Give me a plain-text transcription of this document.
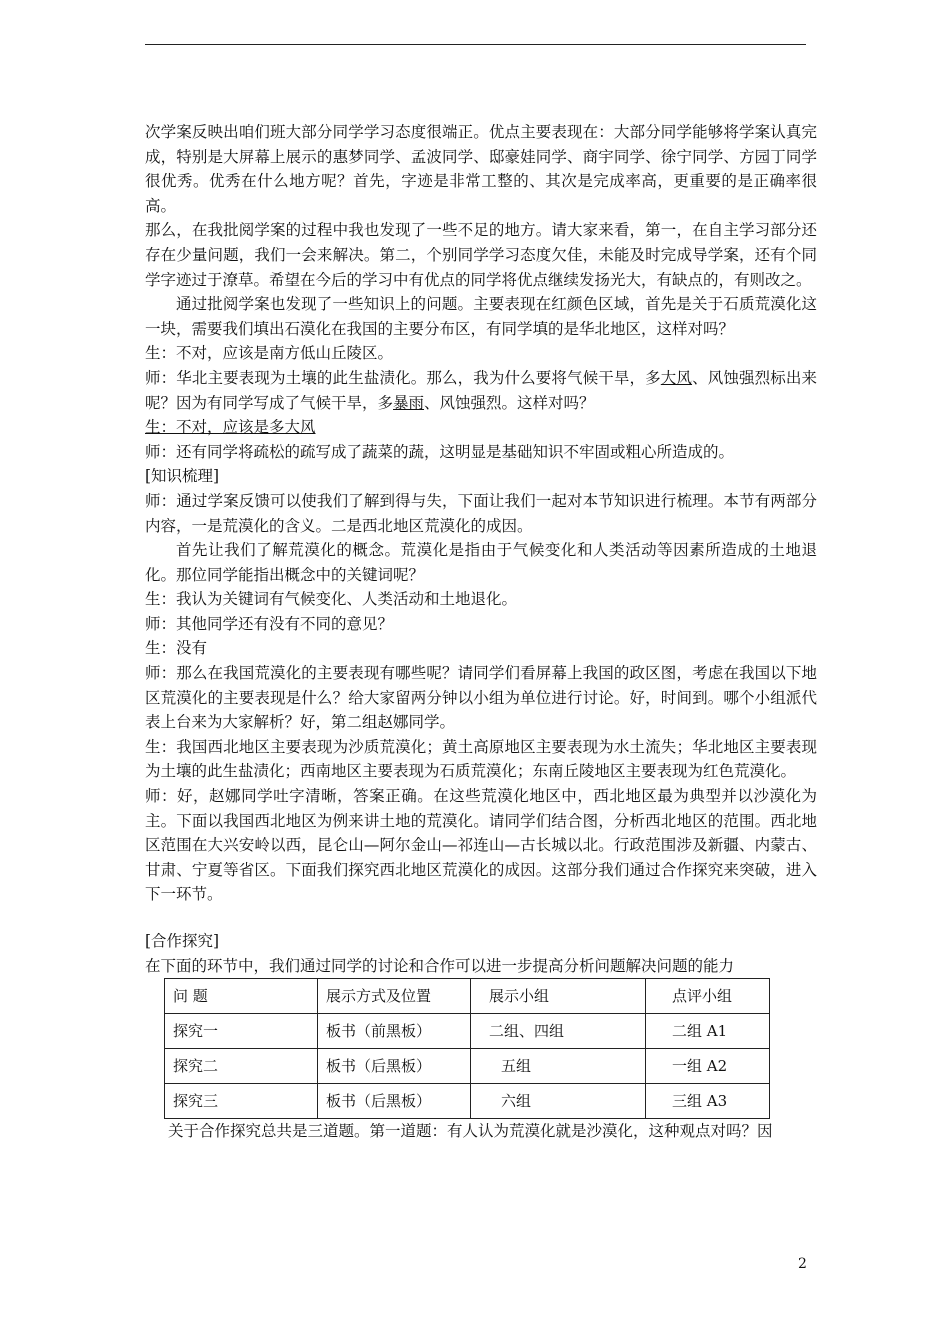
次学案反映出咱们班大部分同学学习态度很端正。优点主要表现在：大部分同学能够将学案认真完成，特别是大屏幕上展示的惠梦同学、孟波同学、邸豪娃同学、商宇同学、徐宁同学、方园丁同学很优秀。优秀在什么地方呢？首先，字迹是非常工整的、其次是完成率高，更重要的是正确率很高。

那么，在我批阅学案的过程中我也发现了一些不足的地方。请大家来看，第一，在自主学习部分还存在少量问题，我们一会来解决。第二，个别同学学习态度欠佳，未能及时完成导学案，还有个同学字迹过于潦草。希望在今后的学习中有优点的同学将优点继续发扬光大，有缺点的，有则改之。

通过批阅学案也发现了一些知识上的问题。主要表现在红颜色区域，首先是关于石质荒漠化这一块，需要我们填出石漠化在我国的主要分布区，有同学填的是华北地区，这样对吗？

生：不对，应该是南方低山丘陵区。

师：华北主要表现为土壤的此生盐渍化。那么，我为什么要将气候干旱，多大风、风蚀强烈标出来呢？因为有同学写成了气候干旱，多暴雨、风蚀强烈。这样对吗？

生：不对，应该是多大风

师：还有同学将疏松的疏写成了蔬菜的蔬，这明显是基础知识不牢固或粗心所造成的。

[知识梳理]

师：通过学案反馈可以使我们了解到得与失，下面让我们一起对本节知识进行梳理。本节有两部分内容，一是荒漠化的含义。二是西北地区荒漠化的成因。

首先让我们了解荒漠化的概念。荒漠化是指由于气候变化和人类活动等因素所造成的土地退化。那位同学能指出概念中的关键词呢？

生：我认为关键词有气候变化、人类活动和土地退化。

师：其他同学还有没有不同的意见？

生：没有

师：那么在我国荒漠化的主要表现有哪些呢？请同学们看屏幕上我国的政区图，考虑在我国以下地区荒漠化的主要表现是什么？给大家留两分钟以小组为单位进行讨论。好，时间到。哪个小组派代表上台来为大家解析？好，第二组赵娜同学。

生：我国西北地区主要表现为沙质荒漠化；黄土高原地区主要表现为水土流失；华北地区主要表现为土壤的此生盐渍化；西南地区主要表现为石质荒漠化；东南丘陵地区主要表现为红色荒漠化。

师：好，赵娜同学吐字清晰，答案正确。在这些荒漠化地区中，西北地区最为典型并以沙漠化为主。下面以我国西北地区为例来讲土地的荒漠化。请同学们结合图，分析西北地区的范围。西北地区范围在大兴安岭以西，昆仑山—阿尔金山—祁连山—古长城以北。行政范围涉及新疆、内蒙古、甘肃、宁夏等省区。下面我们探究西北地区荒漠化的成因。这部分我们通过合作探究来突破，进入下一环节。

[合作探究]

在下面的环节中，我们通过同学的讨论和合作可以进一步提高分析问题解决问题的能力

问 题	展示方式及位置	展示小组	点评小组
探究一	板书（前黑板）	二组、四组	二组 A1
探究二	板书（后黑板）	五组	一组 A2
探究三	板书（后黑板）	六组	三组 A3

关于合作探究总共是三道题。第一道题：有人认为荒漠化就是沙漠化，这种观点对吗？因

2
